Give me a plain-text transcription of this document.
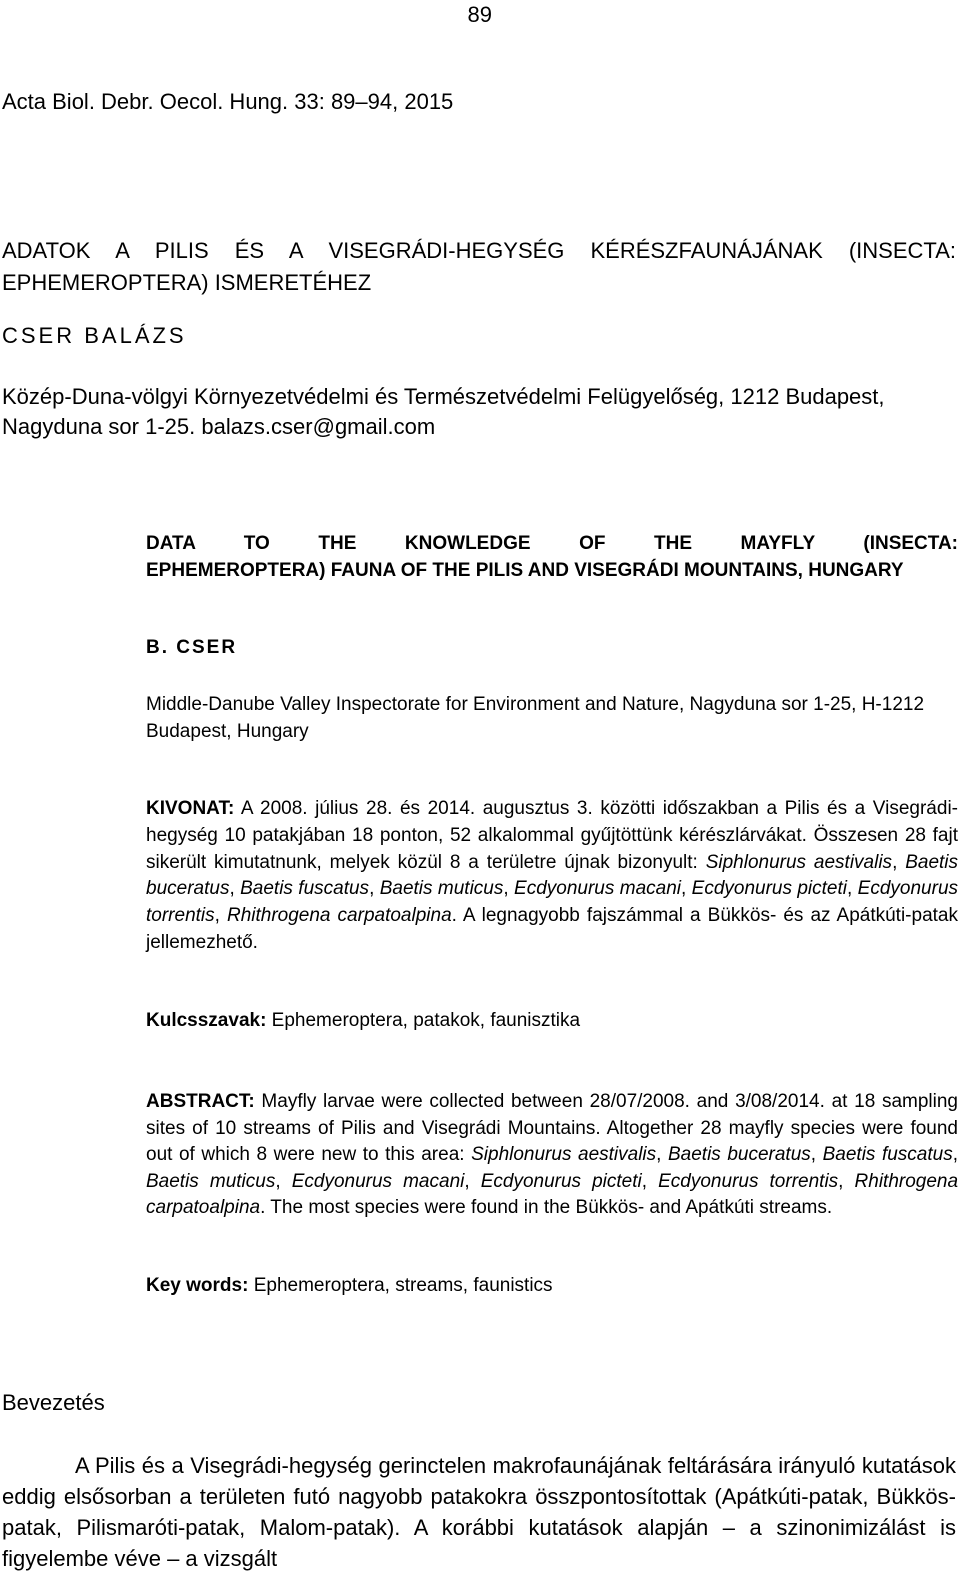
89
Acta Biol. Debr. Oecol. Hung. 33: 89–94, 2015
ADATOK A PILIS ÉS A VISEGRÁDI-HEGYSÉG KÉRÉSZFAUNÁJÁNAK (INSECTA: EPHEMEROPTERA) ISMERETÉHEZ
CSER BALÁZS

Közép-Duna-völgyi Környezetvédelmi és Természetvédelmi Felügyelőség, 1212 Budapest, Nagyduna sor 1-25. balazs.cser@gmail.com

DATA TO THE KNOWLEDGE OF THE MAYFLY (INSECTA:
EPHEMEROPTERA) FAUNA OF THE PILIS AND VISEGRÁDI MOUNTAINS, HUNGARY
B. CSER

Middle-Danube Valley Inspectorate for Environment and Nature, Nagyduna sor 1-25, H-1212 Budapest, Hungary

KIVONAT: A 2008. július 28. és 2014. augusztus 3. közötti időszakban a Pilis és a Visegrádi-hegység 10 patakjában 18 ponton, 52 alkalommal gyűjtöttünk kérészlárvákat. Összesen 28 fajt sikerült kimutatnunk, melyek közül 8 a területre újnak bizonyult: Siphlonurus aestivalis, Baetis buceratus, Baetis fuscatus, Baetis muticus, Ecdyonurus macani, Ecdyonurus picteti, Ecdyonurus torrentis, Rhithrogena carpatoalpina. A legnagyobb fajszámmal a Bükkös- és az Apátkúti-patak jellemezhető.

Kulcsszavak: Ephemeroptera, patakok, faunisztika

ABSTRACT: Mayfly larvae were collected between 28/07/2008. and 3/08/2014. at 18 sampling sites of 10 streams of Pilis and Visegrádi Mountains. Altogether 28 mayfly species were found out of which 8 were new to this area: Siphlonurus aestivalis, Baetis buceratus, Baetis fuscatus, Baetis muticus, Ecdyonurus macani, Ecdyonurus picteti, Ecdyonurus torrentis, Rhithrogena carpatoalpina. The most species were found in the Bükkös- and Apátkúti streams.

Key words: Ephemeroptera, streams, faunistics

Bevezetés

A Pilis és a Visegrádi-hegység gerinctelen makrofaunájának feltárására irányuló kutatások eddig elsősorban a területen futó nagyobb patakokra összpontosítottak (Apátkúti-patak, Bükkös-patak, Pilismaróti-patak, Malom-patak). A korábbi kutatások alapján – a szinonimizálást is figyelembe véve – a vizsgált
